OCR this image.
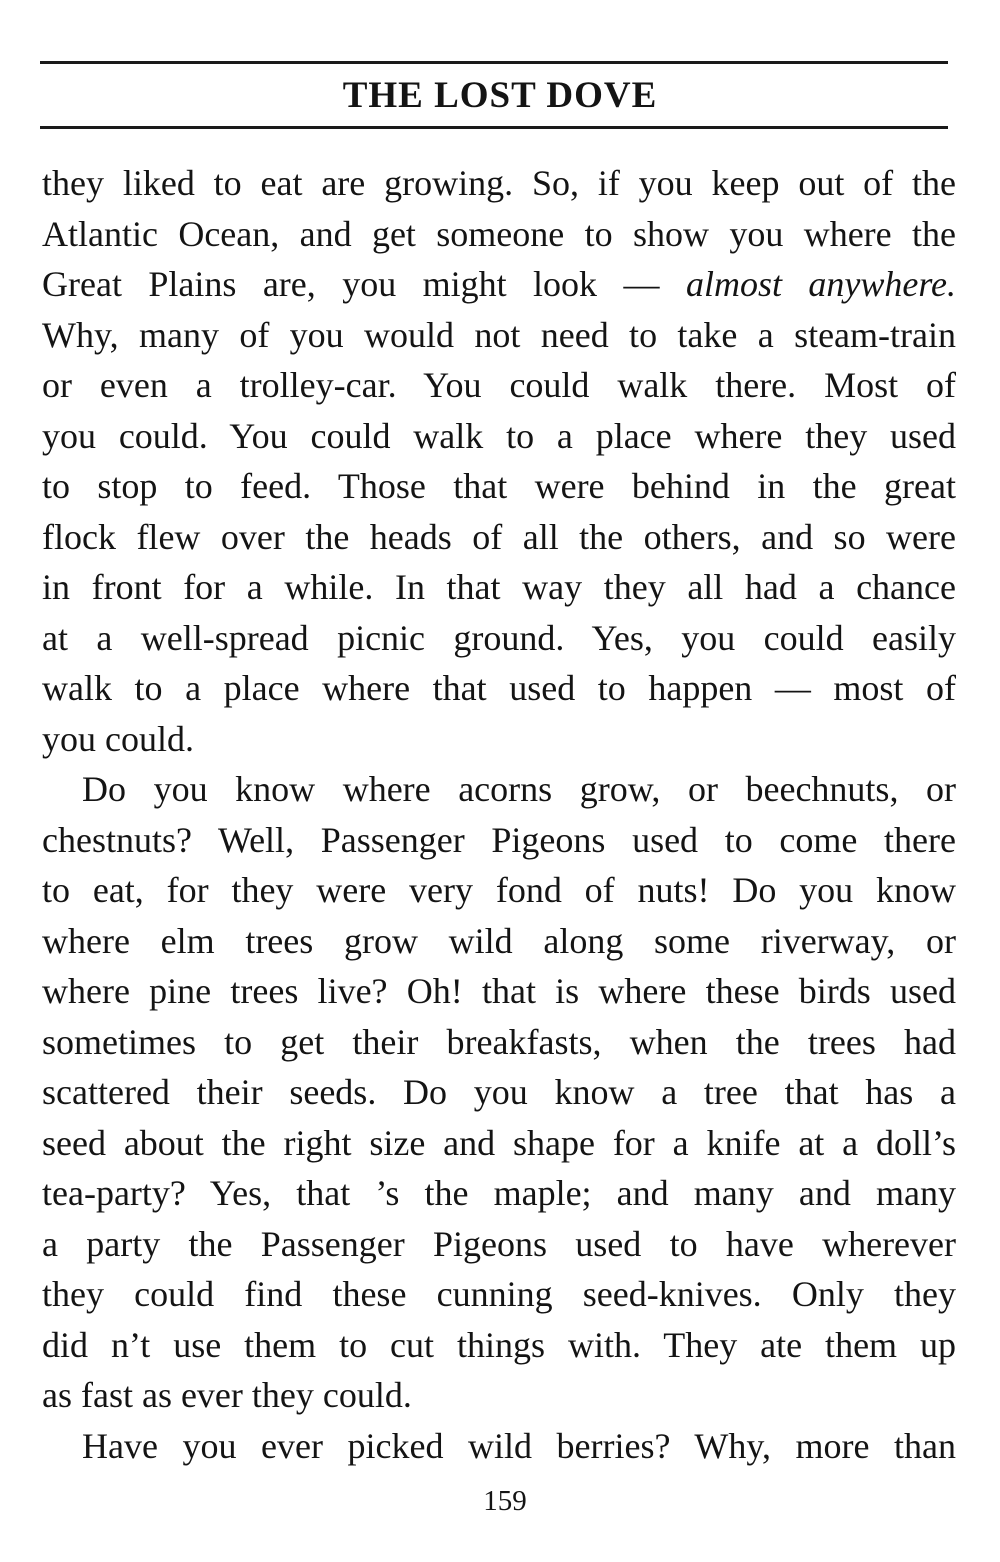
THE LOST DOVE
they liked to eat are growing. So, if you keep out of the
Atlantic Ocean, and get someone to show you where the
Great Plains are, you might look — almost anywhere.
Why, many of you would not need to take a steam-train
or even a trolley-car. You could walk there. Most of
you could. You could walk to a place where they used
to stop to feed. Those that were behind in the great
flock flew over the heads of all the others, and so were
in front for a while. In that way they all had a chance
at a well-spread picnic ground. Yes, you could easily
walk to a place where that used to happen — most of
you could.
Do you know where acorns grow, or beechnuts, or
chestnuts? Well, Passenger Pigeons used to come there
to eat, for they were very fond of nuts! Do you know
where elm trees grow wild along some riverway, or
where pine trees live? Oh! that is where these birds used
sometimes to get their breakfasts, when the trees had
scattered their seeds. Do you know a tree that has a
seed about the right size and shape for a knife at a doll’s
tea-party? Yes, that ’s the maple; and many and many
a party the Passenger Pigeons used to have wherever
they could find these cunning seed-knives. Only they
did n’t use them to cut things with. They ate them up
as fast as ever they could.
Have you ever picked wild berries? Why, more than
159
